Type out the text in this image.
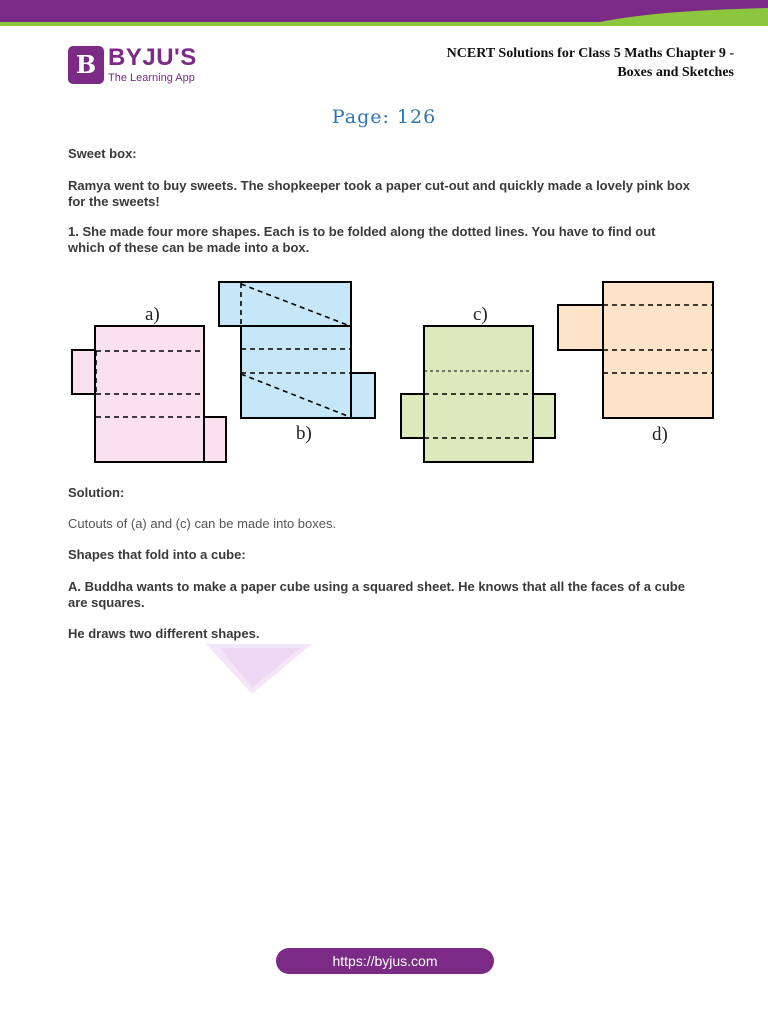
B BYJU'S
The Learning App
NCERT Solutions for Class 5 Maths Chapter 9 -
Boxes and Sketches
Page: 126
Sweet box:
Ramya went to buy sweets. The shopkeeper took a paper cut-out and quickly made a lovely pink box
for the sweets!
1. She made four more shapes. Each is to be folded along the dotted lines. You have to find out
which of these can be made into a box.
a)
b)
c)
d)
Solution:
Cutouts of (a) and (c) can be made into boxes.
Shapes that fold into a cube:
A. Buddha wants to make a paper cube using a squared sheet. He knows that all the faces of a cube
are squares.
He draws two different shapes.
https://byjus.com
